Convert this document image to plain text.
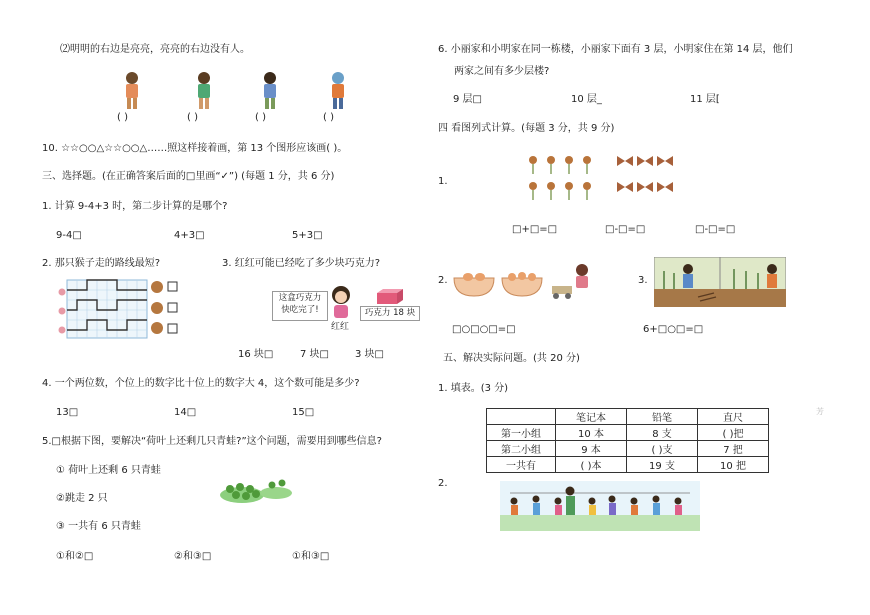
⑵明明的右边是亮亮，亮亮的右边没有人。
( )	( )	( )	( )
10. ☆☆○○△☆☆○○△……照这样接着画，第 13 个图形应该画( )。
三、选择题。(在正确答案后面的□里画“✓”) (每题 1 分，共 6 分)
1. 计算 9-4+3 时，第二步计算的是哪个?
9-4□	4+3□	5+3□
2. 那只猴子走的路线最短?	3. 红红可能已经吃了多少块巧克力?
这盒巧克力
快吃完了!
红红
巧克力 18 块
16 块□	7 块□	3 块□
4. 一个两位数，个位上的数字比十位上的数字大 4，这个数可能是多少?
13□	14□	15□
5.□根据下图，要解决“荷叶上还剩几只青蛙?”这个问题，需要用到哪些信息?
① 荷叶上还剩 6 只青蛙
②跳走 2 只
③ 一共有 6 只青蛙
①和②□	②和③□	①和③□
6. 小丽家和小明家在同一栋楼，小丽家下面有 3 层，小明家住在第 14 层，他们
两家之间有多少层楼?
9 层□	10 层_	11 层[
四 看图列式计算。(每题 3 分，共 9 分)
1.
□+□=□	□-□=□	□-□=□
2.
□○□○□=□
3.
6+□○□=□
五、解决实际问题。(共 20 分)
1. 填表。(3 分)
	笔记本	铅笔	直尺
第一小组	10 本	8 支	( )把
第二小组	9 本	( )支	7 把
一共有	( )本	19 支	10 把
芳
2.
